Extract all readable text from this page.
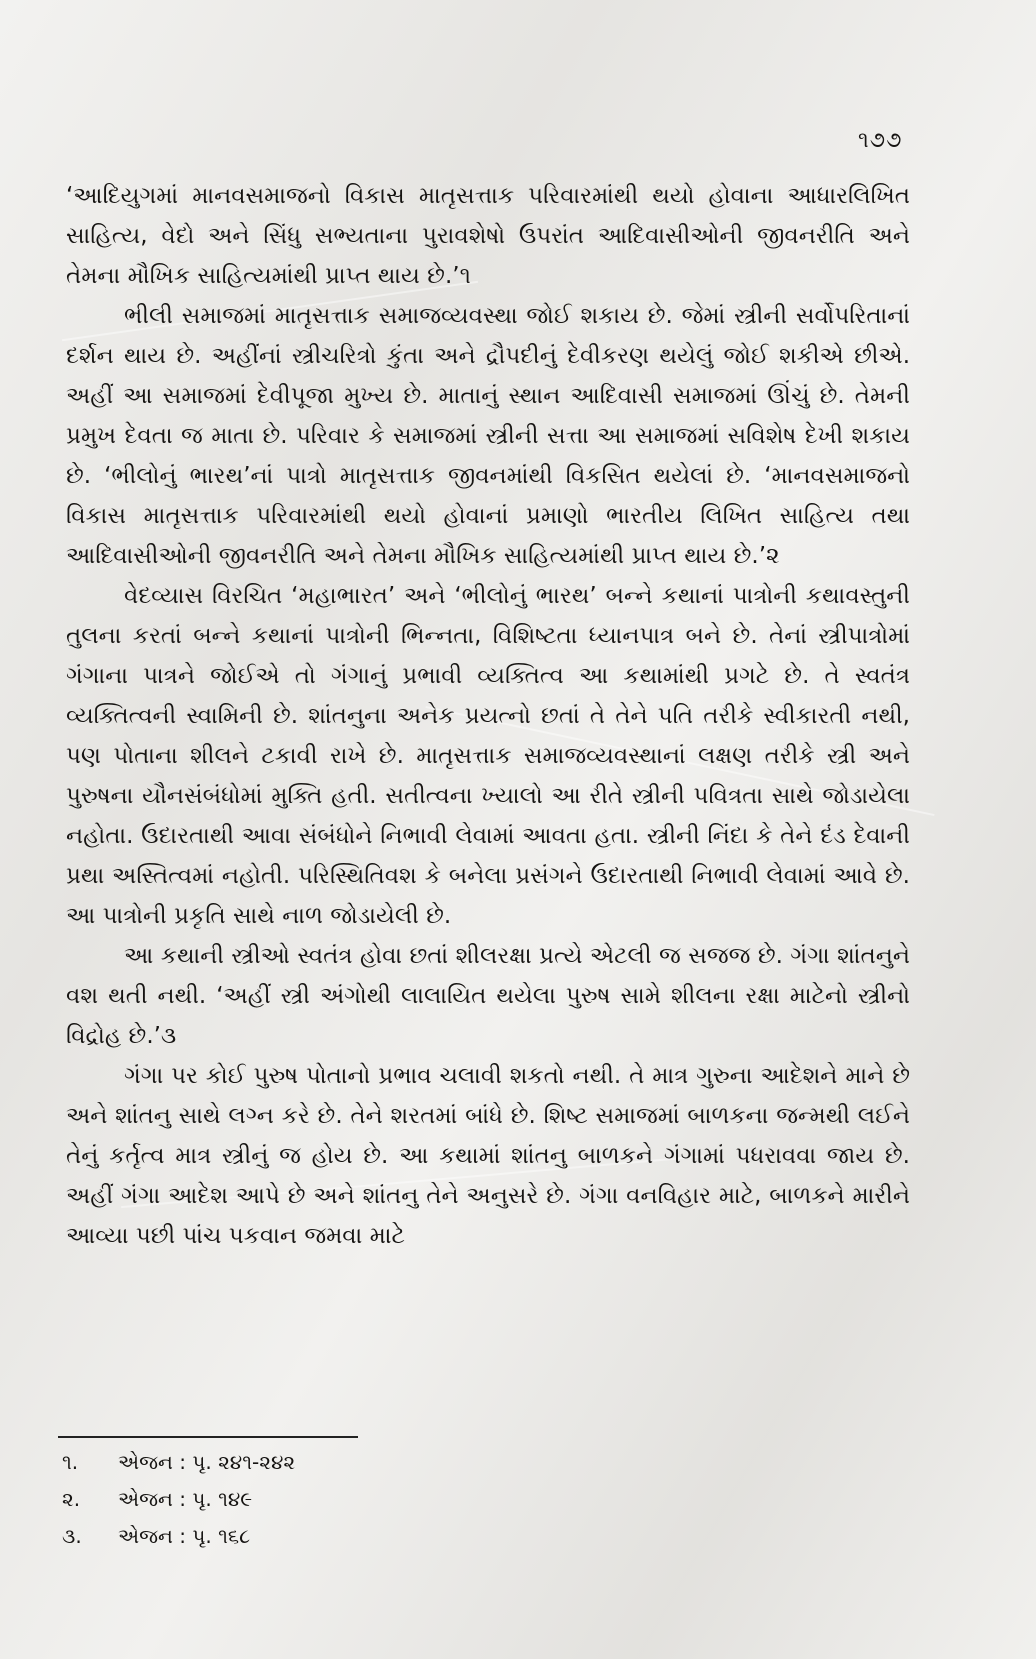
૧૭૭

‘આદિયુગમાં માનવસમાજનો વિકાસ માતૃસત્તાક પરિવારમાંથી થયો હોવાના આધારલિખિત સાહિત્ય, વેદો અને સિંધુ સભ્યતાના પુરાવશેષો ઉપરાંત આદિવાસીઓની જીવનરીતિ અને તેમના મૌખિક સાહિત્યમાંથી પ્રાપ્ત થાય છે.’૧

ભીલી સમાજમાં માતૃસત્તાક સમાજવ્યવસ્થા જોઈ શકાય છે. જેમાં સ્ત્રીની સર્વોપરિતાનાં દર્શન થાય છે. અહીંનાં સ્ત્રીચરિત્રો કુંતા અને દ્રૌપદીનું દેવીકરણ થયેલું જોઈ શકીએ છીએ. અહીં આ સમાજમાં દેવીપૂજા મુખ્ય છે. માતાનું સ્થાન આદિવાસી સમાજમાં ઊંચું છે. તેમની પ્રમુખ દેવતા જ માતા છે. પરિવાર કે સમાજમાં સ્ત્રીની સત્તા આ સમાજમાં સવિશેષ દેખી શકાય છે. ‘ભીલોનું ભારથ’નાં પાત્રો માતૃસત્તાક જીવનમાંથી વિકસિત થયેલાં છે. ‘માનવસમાજનો વિકાસ માતૃસત્તાક પરિવારમાંથી થયો હોવાનાં પ્રમાણો ભારતીય લિખિત સાહિત્ય તથા આદિવાસીઓની જીવનરીતિ અને તેમના મૌખિક સાહિત્યમાંથી પ્રાપ્ત થાય છે.’૨

વેદવ્યાસ વિરચિત ‘મહાભારત’ અને ‘ભીલોનું ભારથ’ બન્ને કથાનાં પાત્રોની કથાવસ્તુની તુલના કરતાં બન્ને કથાનાં પાત્રોની ભિન્નતા, વિશિષ્ટતા ધ્યાનપાત્ર બને છે. તેનાં સ્ત્રીપાત્રોમાં ગંગાના પાત્રને જોઈએ તો ગંગાનું પ્રભાવી વ્યક્તિત્વ આ કથામાંથી પ્રગટે છે. તે સ્વતંત્ર વ્યક્તિત્વની સ્વામિની છે. શાંતનુના અનેક પ્રયત્નો છતાં તે તેને પતિ તરીકે સ્વીકારતી નથી, પણ પોતાના શીલને ટકાવી રાખે છે. માતૃસત્તાક સમાજવ્યવસ્થાનાં લક્ષણ તરીકે સ્ત્રી અને પુરુષના યૌનસંબંધોમાં મુક્તિ હતી. સતીત્વના ખ્યાલો આ રીતે સ્ત્રીની પવિત્રતા સાથે જોડાયેલા નહોતા. ઉદારતાથી આવા સંબંધોને નિભાવી લેવામાં આવતા હતા. સ્ત્રીની નિંદા કે તેને દંડ દેવાની પ્રથા અસ્તિત્વમાં નહોતી. પરિસ્થિતિવશ કે બનેલા પ્રસંગને ઉદારતાથી નિભાવી લેવામાં આવે છે. આ પાત્રોની પ્રકૃતિ સાથે નાળ જોડાયેલી છે.

આ કથાની સ્ત્રીઓ સ્વતંત્ર હોવા છતાં શીલરક્ષા પ્રત્યે એટલી જ સજજ છે. ગંગા શાંતનુને વશ થતી નથી. ‘અહીં સ્ત્રી અંગોથી લાલાયિત થયેલા પુરુષ સામે શીલના રક્ષા માટેનો સ્ત્રીનો વિદ્રોહ છે.’૩

ગંગા પર કોઈ પુરુષ પોતાનો પ્રભાવ ચલાવી શકતો નથી. તે માત્ર ગુરુના આદેશને માને છે અને શાંતનુ સાથે લગ્ન કરે છે. તેને શરતમાં બાંધે છે. શિષ્ટ સમાજમાં બાળકના જન્મથી લઈને તેનું કર્તૃત્વ માત્ર સ્ત્રીનું જ હોય છે. આ કથામાં શાંતનુ બાળકને ગંગામાં પધરાવવા જાય છે. અહીં ગંગા આદેશ આપે છે અને શાંતનુ તેને અનુસરે છે. ગંગા વનવિહાર માટે, બાળકને મારીને આવ્યા પછી પાંચ પકવાન જમવા માટે

૧.	એજન : પૃ. ૨૪૧-૨૪૨
૨.	એજન : પૃ. ૧૪૯
૩.	એજન : પૃ. ૧૬૮
